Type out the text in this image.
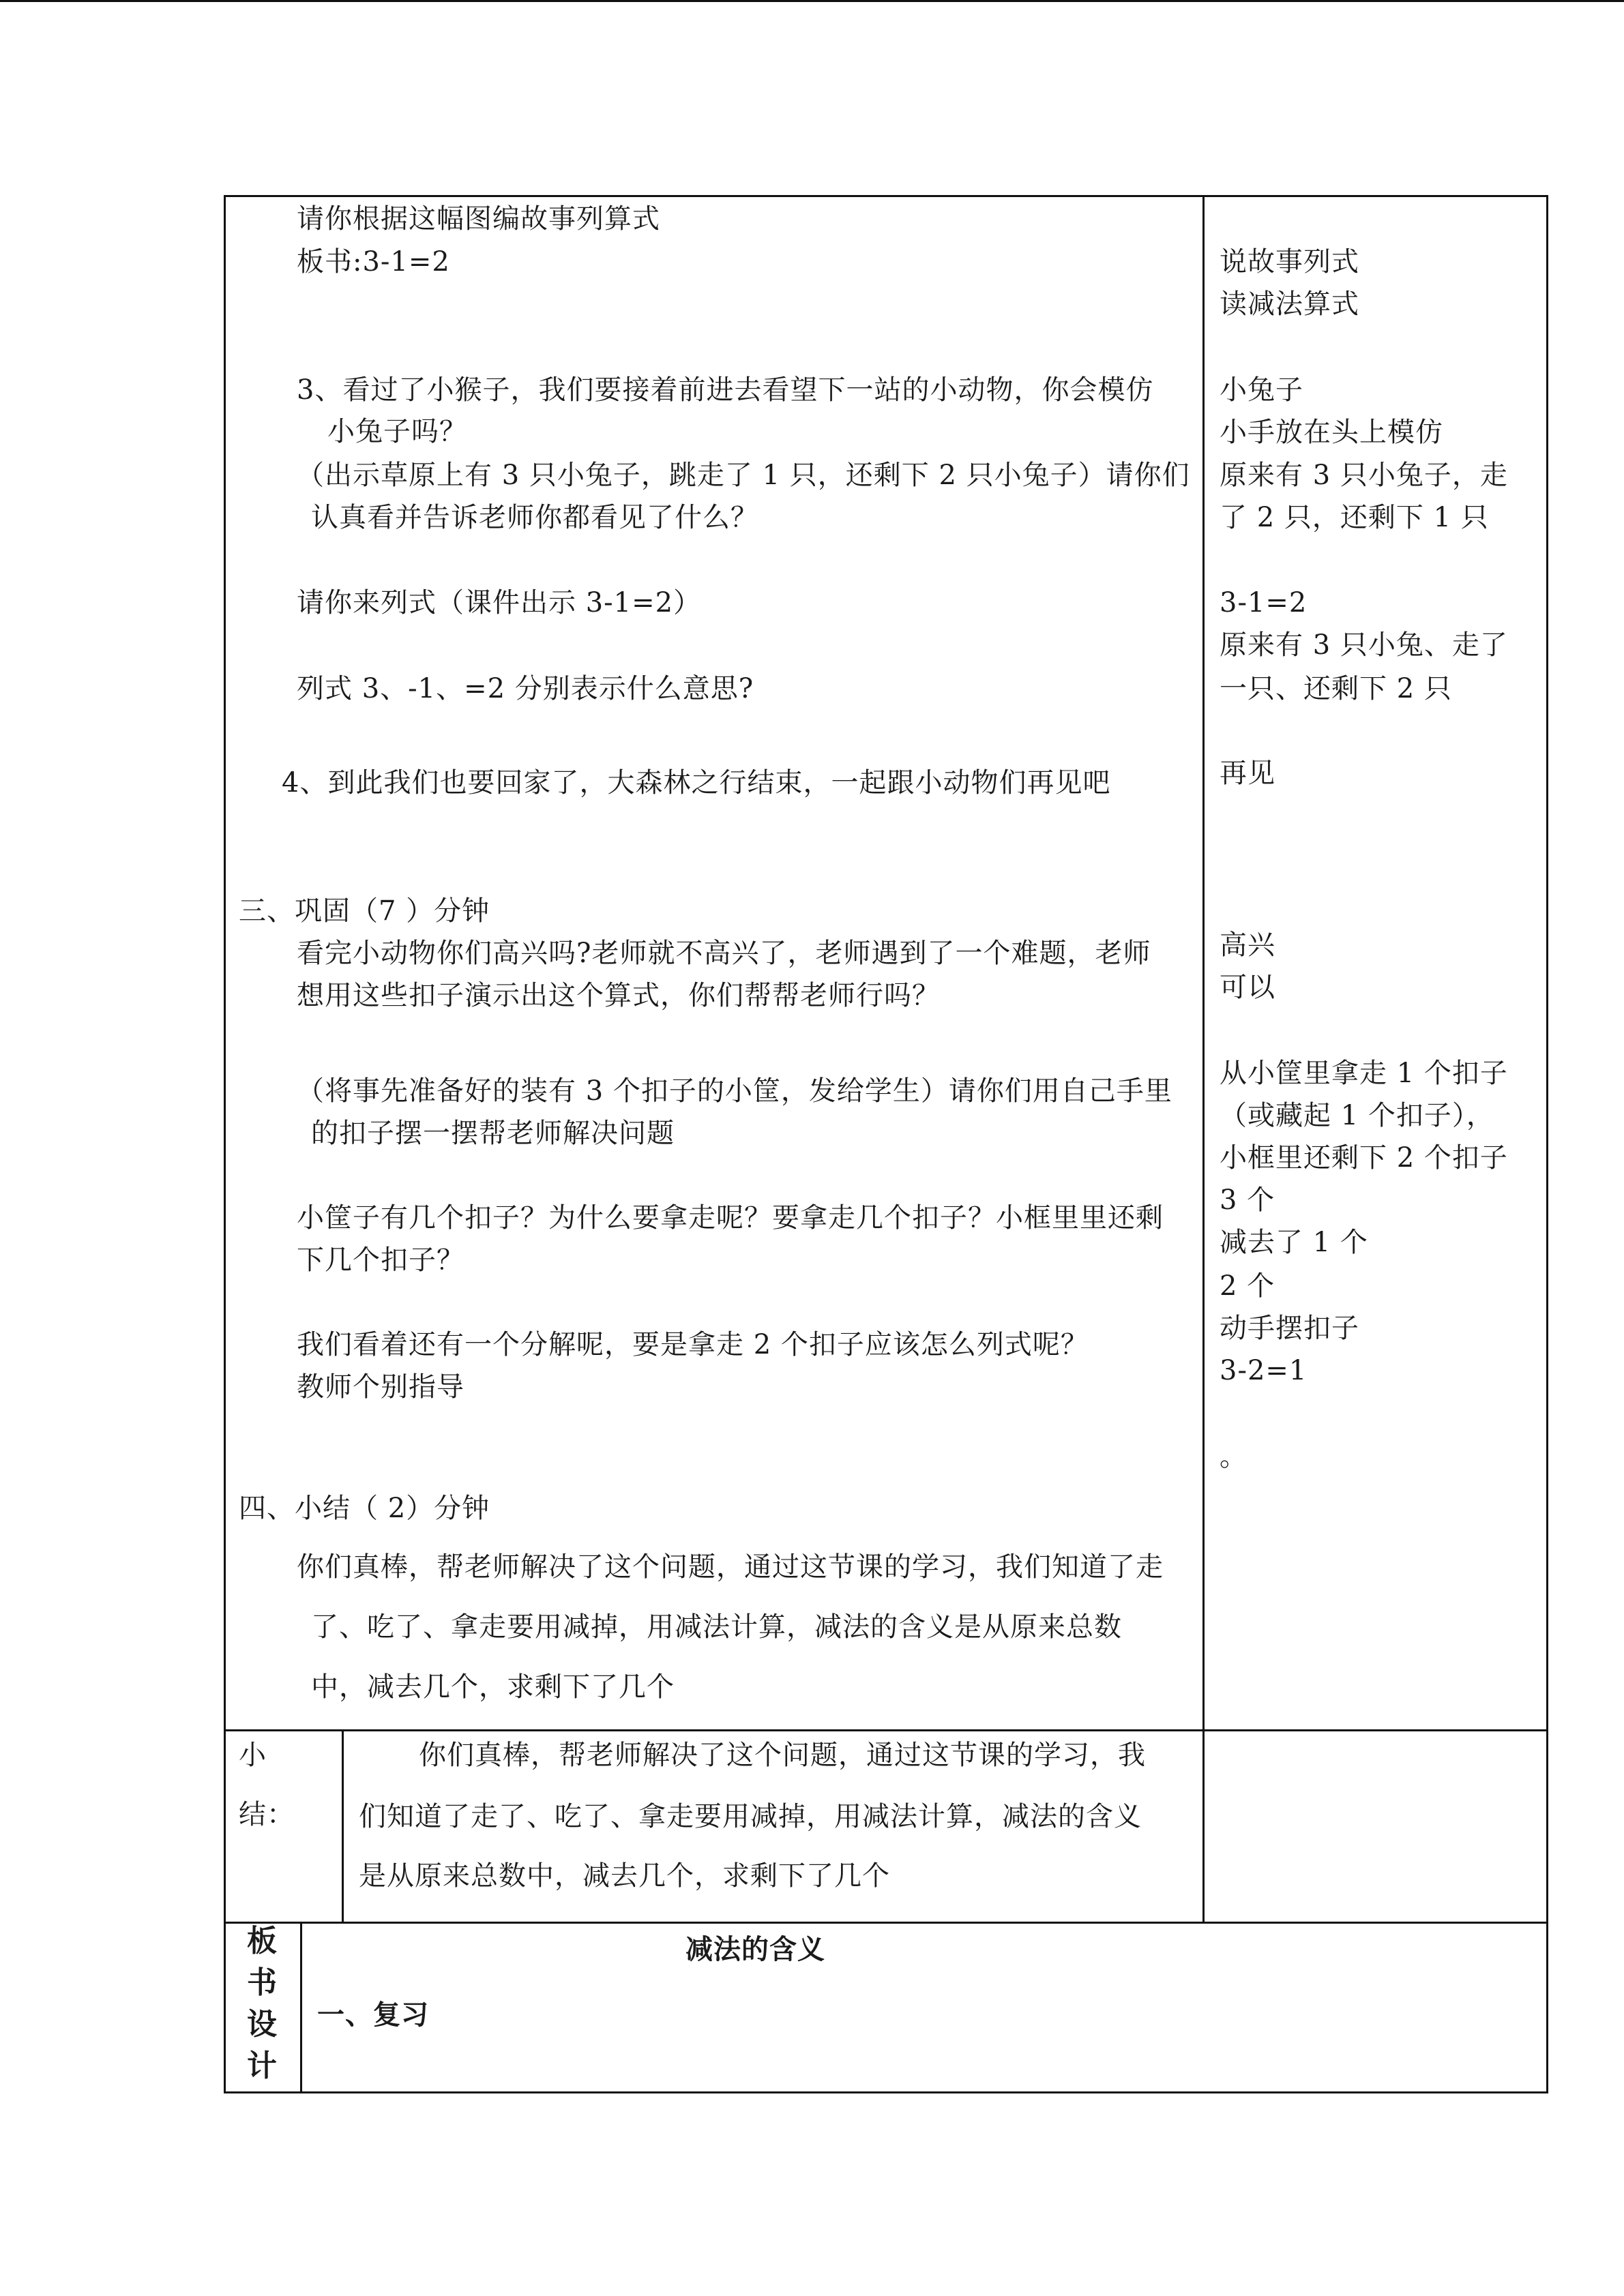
请你根据这幅图编故事列算式
板书:3-1=2
3、看过了小猴子，我们要接着前进去看望下一站的小动物，你会模仿
小兔子吗？
（出示草原上有 3 只小兔子，跳走了 1 只，还剩下 2 只小兔子）请你们
认真看并告诉老师你都看见了什么？
请你来列式（课件出示 3-1=2）
列式 3、-1、=2 分别表示什么意思?
4、到此我们也要回家了，大森林之行结束，一起跟小动物们再见吧
三、巩固（7 ）分钟
看完小动物你们高兴吗?老师就不高兴了，老师遇到了一个难题，老师
想用这些扣子演示出这个算式，你们帮帮老师行吗？
（将事先准备好的装有 3 个扣子的小筐，发给学生）请你们用自己手里
的扣子摆一摆帮老师解决问题
小筐子有几个扣子？为什么要拿走呢？要拿走几个扣子？小框里里还剩
下几个扣子？
我们看着还有一个分解呢，要是拿走 2 个扣子应该怎么列式呢？
教师个别指导
四、小结（ 2）分钟
你们真棒，帮老师解决了这个问题，通过这节课的学习，我们知道了走
了、吃了、拿走要用减掉，用减法计算，减法的含义是从原来总数
中，减去几个，求剩下了几个
说故事列式
读减法算式
小兔子
小手放在头上模仿
原来有 3 只小兔子，走
了 2 只，还剩下 1 只
3-1=2
原来有 3 只小兔、走了
一只、还剩下 2 只
再见
高兴
可以
从小筐里拿走 1 个扣子
（或藏起 1 个扣子），
小框里还剩下 2 个扣子
3 个
减去了 1 个
2 个
动手摆扣子
3-2=1
。
小
结：
你们真棒，帮老师解决了这个问题，通过这节课的学习，我
们知道了走了、吃了、拿走要用减掉，用减法计算，减法的含义
是从原来总数中，减去几个，求剩下了几个
板
书
设
计
减法的含义
一、复习
